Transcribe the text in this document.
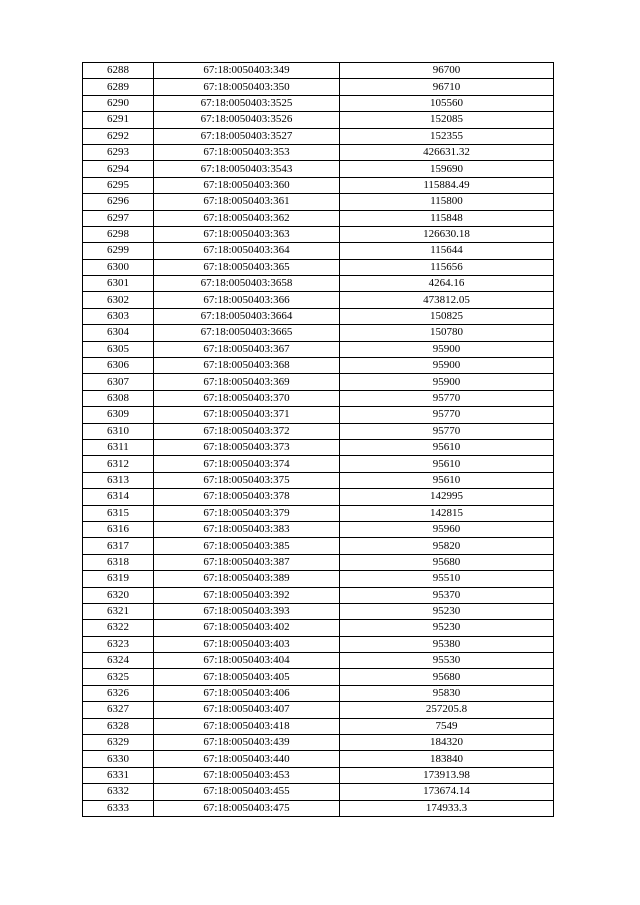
6288	67:18:0050403:349	96700
6289	67:18:0050403:350	96710
6290	67:18:0050403:3525	105560
6291	67:18:0050403:3526	152085
6292	67:18:0050403:3527	152355
6293	67:18:0050403:353	426631.32
6294	67:18:0050403:3543	159690
6295	67:18:0050403:360	115884.49
6296	67:18:0050403:361	115800
6297	67:18:0050403:362	115848
6298	67:18:0050403:363	126630.18
6299	67:18:0050403:364	115644
6300	67:18:0050403:365	115656
6301	67:18:0050403:3658	4264.16
6302	67:18:0050403:366	473812.05
6303	67:18:0050403:3664	150825
6304	67:18:0050403:3665	150780
6305	67:18:0050403:367	95900
6306	67:18:0050403:368	95900
6307	67:18:0050403:369	95900
6308	67:18:0050403:370	95770
6309	67:18:0050403:371	95770
6310	67:18:0050403:372	95770
6311	67:18:0050403:373	95610
6312	67:18:0050403:374	95610
6313	67:18:0050403:375	95610
6314	67:18:0050403:378	142995
6315	67:18:0050403:379	142815
6316	67:18:0050403:383	95960
6317	67:18:0050403:385	95820
6318	67:18:0050403:387	95680
6319	67:18:0050403:389	95510
6320	67:18:0050403:392	95370
6321	67:18:0050403:393	95230
6322	67:18:0050403:402	95230
6323	67:18:0050403:403	95380
6324	67:18:0050403:404	95530
6325	67:18:0050403:405	95680
6326	67:18:0050403:406	95830
6327	67:18:0050403:407	257205.8
6328	67:18:0050403:418	7549
6329	67:18:0050403:439	184320
6330	67:18:0050403:440	183840
6331	67:18:0050403:453	173913.98
6332	67:18:0050403:455	173674.14
6333	67:18:0050403:475	174933.3
